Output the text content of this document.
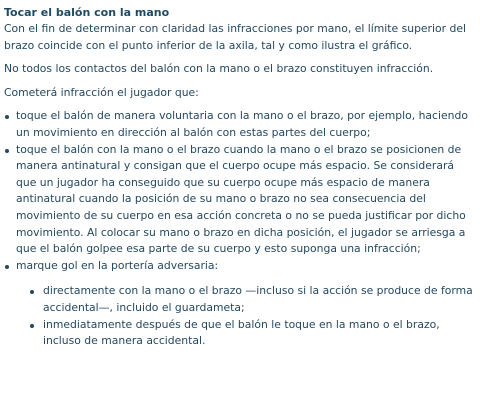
Tocar el balón con la mano

Con el fin de determinar con claridad las infracciones por mano, el límite superior del brazo coincide con el punto inferior de la axila, tal y como ilustra el gráfico.

No todos los contactos del balón con la mano o el brazo constituyen infracción.

Cometerá infracción el jugador que:

toque el balón de manera voluntaria con la mano o el brazo, por ejemplo, haciendo un movimiento en dirección al balón con estas partes del cuerpo;
toque el balón con la mano o el brazo cuando la mano o el brazo se posicionen de manera antinatural y consigan que el cuerpo ocupe más espacio. Se considerará que un jugador ha conseguido que su cuerpo ocupe más espacio de manera antinatural cuando la posición de su mano o brazo no sea consecuencia del movimiento de su cuerpo en esa acción concreta o no se pueda justificar por dicho movimiento. Al colocar su mano o brazo en dicha posición, el jugador se arriesga a que el balón golpee esa parte de su cuerpo y esto suponga una infracción;
marque gol en la portería adversaria:
directamente con la mano o el brazo —incluso si la acción se produce de forma accidental—, incluido el guardameta;
inmediatamente después de que el balón le toque en la mano o el brazo, incluso de manera accidental.
